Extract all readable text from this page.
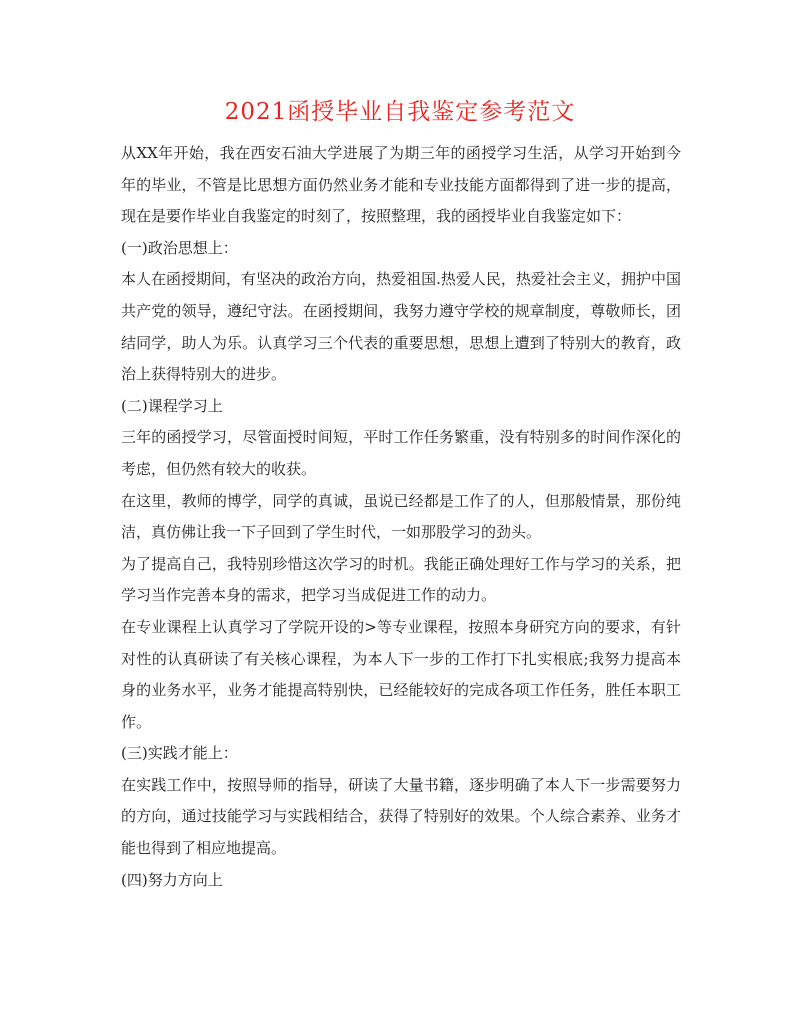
2021函授毕业自我鉴定参考范文

从XX年开始，我在西安石油大学进展了为期三年的函授学习生活，从学习开始到今年的毕业，不管是比思想方面仍然业务才能和专业技能方面都得到了进一步的提高，现在是要作毕业自我鉴定的时刻了，按照整理，我的函授毕业自我鉴定如下：

(一)政治思想上：

本人在函授期间，有坚决的政治方向，热爱祖国.热爱人民，热爱社会主义，拥护中国共产党的领导，遵纪守法。在函授期间，我努力遵守学校的规章制度，尊敬师长，团结同学，助人为乐。认真学习三个代表的重要思想，思想上遭到了特别大的教育，政治上获得特别大的进步。

(二)课程学习上

三年的函授学习，尽管面授时间短，平时工作任务繁重，没有特别多的时间作深化的考虑，但仍然有较大的收获。

在这里，教师的博学，同学的真诚，虽说已经都是工作了的人，但那般情景，那份纯洁，真仿佛让我一下子回到了学生时代，一如那股学习的劲头。

为了提高自己，我特别珍惜这次学习的时机。我能正确处理好工作与学习的关系，把学习当作完善本身的需求，把学习当成促进工作的动力。

在专业课程上认真学习了学院开设的>等专业课程，按照本身研究方向的要求，有针对性的认真研读了有关核心课程，为本人下一步的工作打下扎实根底;我努力提高本身的业务水平，业务才能提高特别快，已经能较好的完成各项工作任务，胜任本职工作。

(三)实践才能上：

在实践工作中，按照导师的指导，研读了大量书籍，逐步明确了本人下一步需要努力的方向，通过技能学习与实践相结合，获得了特别好的效果。个人综合素养、业务才能也得到了相应地提高。

(四)努力方向上
